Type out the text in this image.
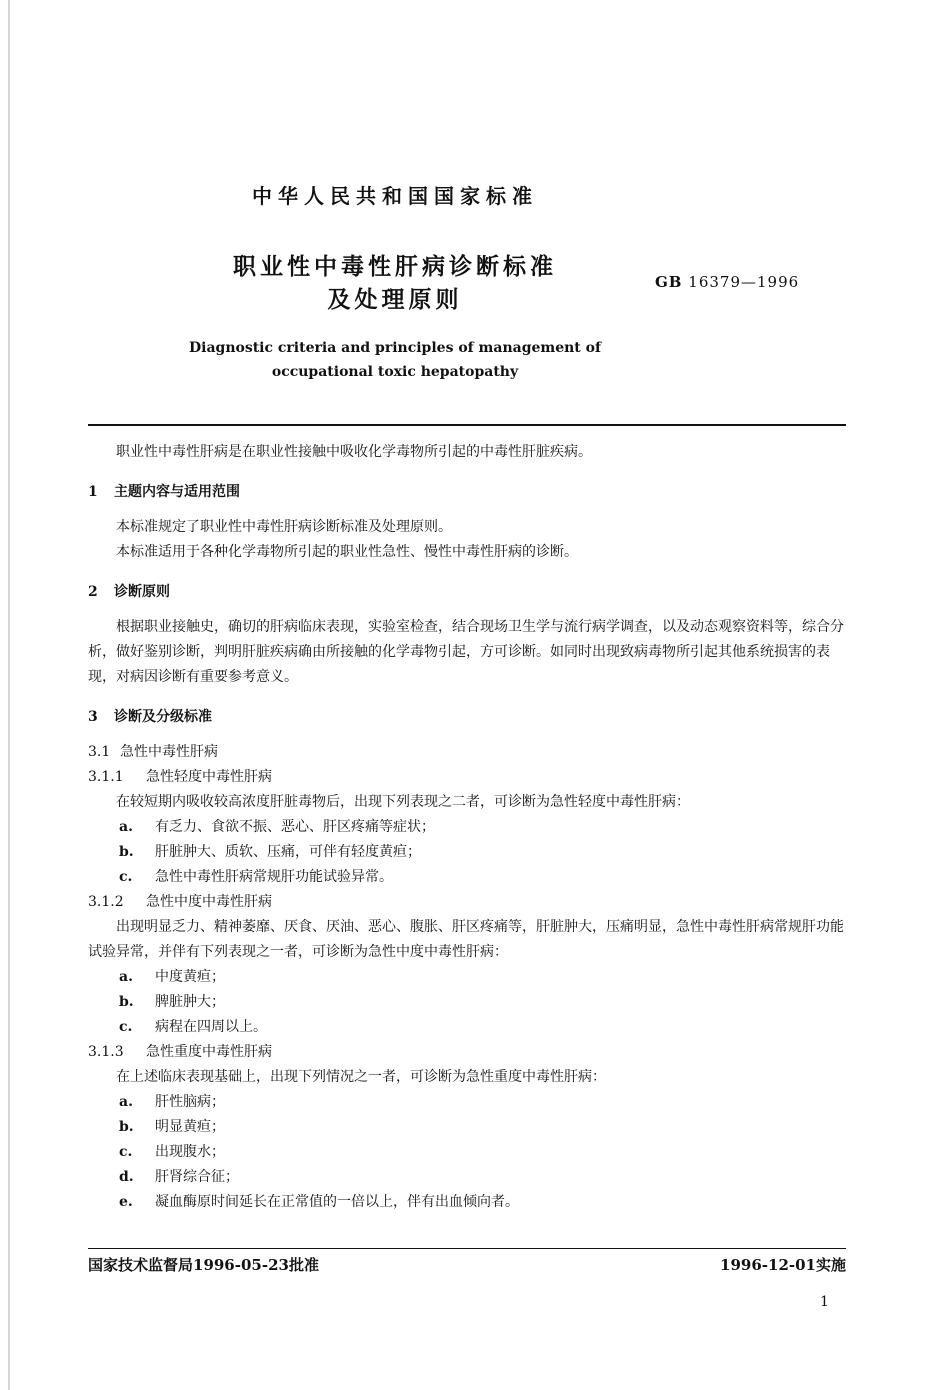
中华人民共和国国家标准
职业性中毒性肝病诊断标准
及处理原则
GB 16379—1996
Diagnostic criteria and principles of management of
occupational toxic hepatopathy

职业性中毒性肝病是在职业性接触中吸收化学毒物所引起的中毒性肝脏疾病。

1 主题内容与适用范围

本标准规定了职业性中毒性肝病诊断标准及处理原则。

本标准适用于各种化学毒物所引起的职业性急性、慢性中毒性肝病的诊断。

2 诊断原则

根据职业接触史，确切的肝病临床表现，实验室检查，结合现场卫生学与流行病学调查，以及动态观察资料等，综合分析，做好鉴别诊断，判明肝脏疾病确由所接触的化学毒物引起，方可诊断。如同时出现致病毒物所引起其他系统损害的表现，对病因诊断有重要参考意义。

3 诊断及分级标准

3.1 急性中毒性肝病

3.1.1 急性轻度中毒性肝病

在较短期内吸收较高浓度肝脏毒物后，出现下列表现之二者，可诊断为急性轻度中毒性肝病：

a. 有乏力、食欲不振、恶心、肝区疼痛等症状；

b. 肝脏肿大、质软、压痛，可伴有轻度黄疸；

c. 急性中毒性肝病常规肝功能试验异常。

3.1.2 急性中度中毒性肝病

出现明显乏力、精神萎靡、厌食、厌油、恶心、腹胀、肝区疼痛等，肝脏肿大，压痛明显，急性中毒性肝病常规肝功能试验异常，并伴有下列表现之一者，可诊断为急性中度中毒性肝病：

a. 中度黄疸；

b. 脾脏肿大；

c. 病程在四周以上。

3.1.3 急性重度中毒性肝病

在上述临床表现基础上，出现下列情况之一者，可诊断为急性重度中毒性肝病：

a. 肝性脑病；

b. 明显黄疸；

c. 出现腹水；

d. 肝肾综合征；

e. 凝血酶原时间延长在正常值的一倍以上，伴有出血倾向者。

国家技术监督局1996-05-23批准	1996-12-01实施
1
